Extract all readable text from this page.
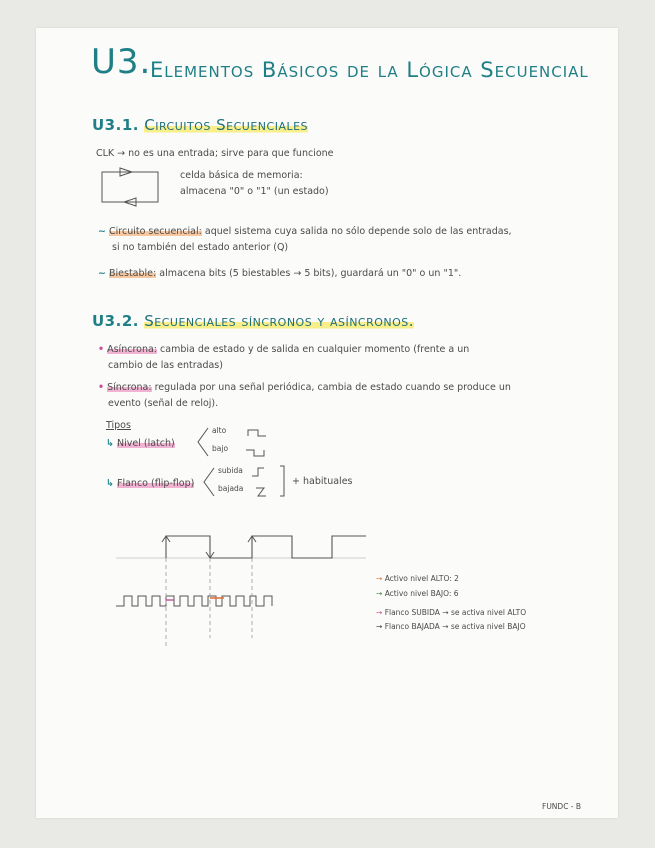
U3.
Elementos Básicos de la Lógica Secuencial
U3.1. Circuitos Secuenciales
CLK → no es una entrada; sirve para que funcione
celda básica de memoria:
almacena "0" o "1" (un estado)
~ Circuito secuencial: aquel sistema cuya salida no sólo depende solo de las entradas,
si no también del estado anterior (Q)
~ Biestable: almacena bits (5 biestables → 5 bits), guardará un "0" o un "1".
U3.2. Secuenciales síncronos y asíncronos.
• Asíncrona: cambia de estado y de salida en cualquier momento (frente a un
cambio de las entradas)
• Síncrona: regulada por una señal periódica, cambia de estado cuando se produce un
evento (señal de reloj).
Tipos
↳ Nivel (latch)
alto
bajo
↳ Flanco (flip-flop)
subida
bajada
+ habituales
→ Activo nivel ALTO: 2
→ Activo nivel BAJO: 6
→ Flanco SUBIDA → se activa nivel ALTO
→ Flanco BAJADA → se activa nivel BAJO
FUNDC - B
